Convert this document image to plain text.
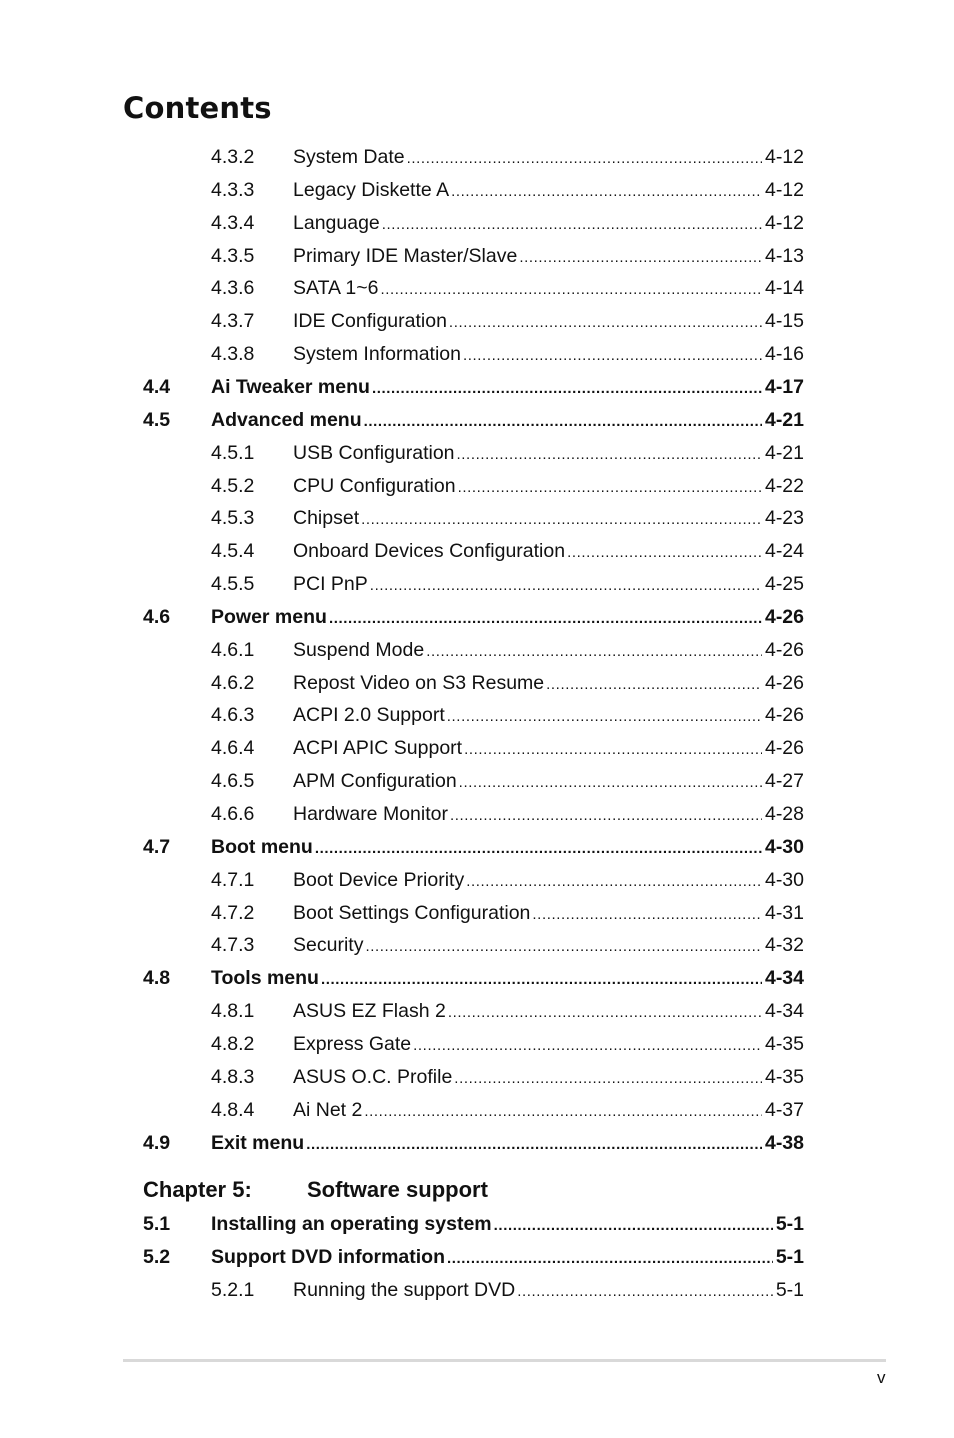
Contents
4.3.2 System Date .....	4-12
4.3.3 Legacy Diskette A .....	4-12
4.3.4 Language .....	4-12
4.3.5 Primary IDE Master/Slave .....	4-13
4.3.6 SATA 1~6 .....	4-14
4.3.7 IDE Configuration .....	4-15
4.3.8 System Information .....	4-16
4.4 Ai Tweaker menu .....	4-17
4.5 Advanced menu .....	4-21
4.5.1 USB Configuration .....	4-21
4.5.2 CPU Configuration .....	4-22
4.5.3 Chipset .....	4-23
4.5.4 Onboard Devices Configuration .....	4-24
4.5.5 PCI PnP .....	4-25
4.6 Power menu .....	4-26
4.6.1 Suspend Mode .....	4-26
4.6.2 Repost Video on S3 Resume .....	4-26
4.6.3 ACPI 2.0 Support .....	4-26
4.6.4 ACPI APIC Support .....	4-26
4.6.5 APM Configuration .....	4-27
4.6.6 Hardware Monitor .....	4-28
4.7 Boot menu .....	4-30
4.7.1 Boot Device Priority .....	4-30
4.7.2 Boot Settings Configuration .....	4-31
4.7.3 Security .....	4-32
4.8 Tools menu .....	4-34
4.8.1 ASUS EZ Flash 2 .....	4-34
4.8.2 Express Gate .....	4-35
4.8.3 ASUS O.C. Profile .....	4-35
4.8.4 Ai Net 2 .....	4-37
4.9 Exit menu .....	4-38
5.1 Installing an operating system .....	5-1
5.2 Support DVD information .....	5-1
5.2.1 Running the support DVD .....	5-1
Chapter 5:	Software support
v
